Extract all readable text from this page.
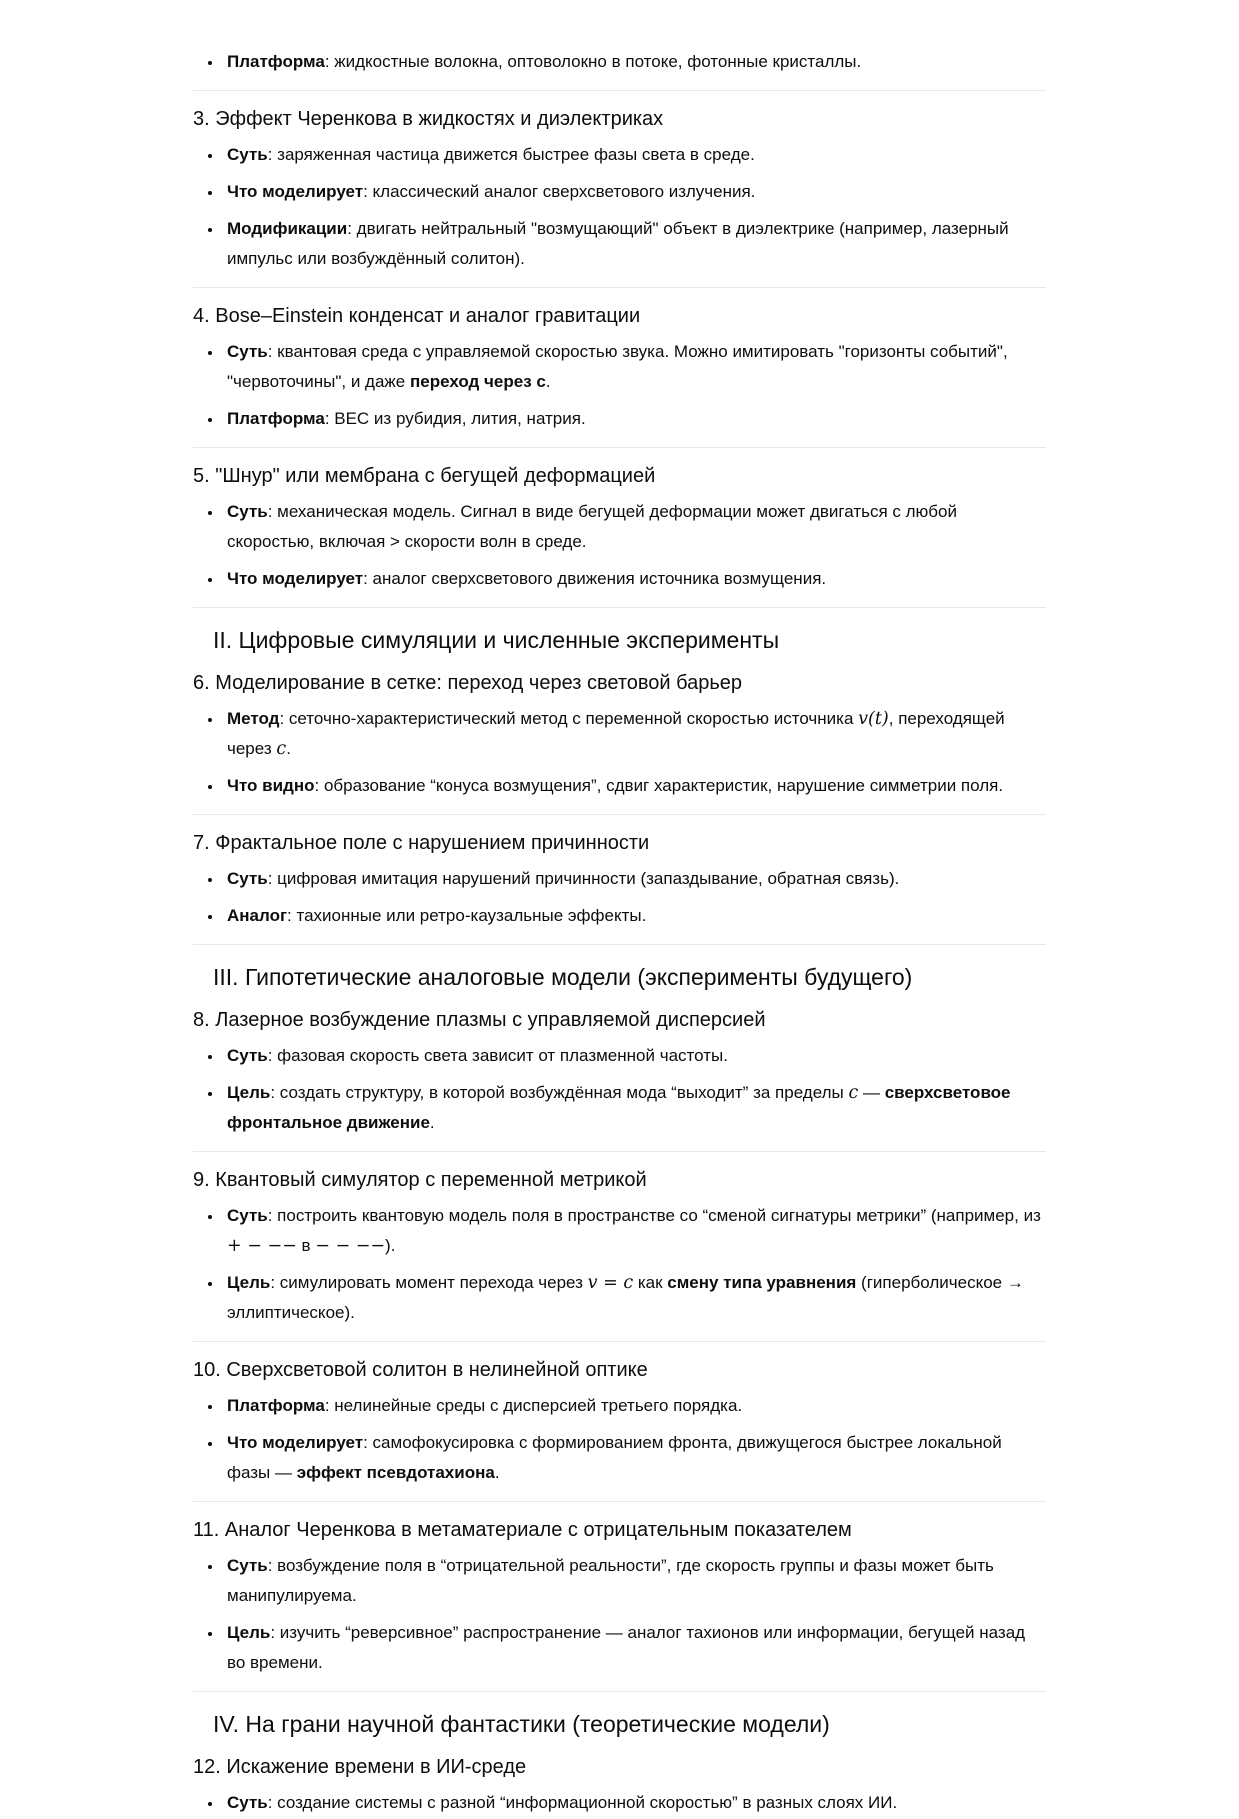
• Платформа: жидкостные волокна, оптоволокно в потоке, фотонные кристаллы.
3. Эффект Черенкова в жидкостях и диэлектриках
• Суть: заряженная частица движется быстрее фазы света в среде.
• Что моделирует: классический аналог сверхсветового излучения.
• Модификации: двигать нейтральный "возмущающий" объект в диэлектрике (например, лазерный импульс или возбуждённый солитон).
4. Bose–Einstein конденсат и аналог гравитации
• Суть: квантовая среда с управляемой скоростью звука. Можно имитировать "горизонты событий", "червоточины", и даже переход через с.
• Платформа: BEC из рубидия, лития, натрия.
5. "Шнур" или мембрана с бегущей деформацией
• Суть: механическая модель. Сигнал в виде бегущей деформации может двигаться с любой скоростью, включая > скорости волн в среде.
• Что моделирует: аналог сверхсветового движения источника возмущения.
II. Цифровые симуляции и численные эксперименты
6. Моделирование в сетке: переход через световой барьер
• Метод: сеточно-характеристический метод с переменной скоростью источника v(t), переходящей через c.
• Что видно: образование “конуса возмущения”, сдвиг характеристик, нарушение симметрии поля.
7. Фрактальное поле с нарушением причинности
• Суть: цифровая имитация нарушений причинности (запаздывание, обратная связь).
• Аналог: тахионные или ретро-каузальные эффекты.
III. Гипотетические аналоговые модели (эксперименты будущего)
8. Лазерное возбуждение плазмы с управляемой дисперсией
• Суть: фазовая скорость света зависит от плазменной частоты.
• Цель: создать структуру, в которой возбуждённая мода “выходит” за пределы c — сверхсветовое фронтальное движение.
9. Квантовый симулятор с переменной метрикой
• Суть: построить квантовую модель поля в пространстве со “сменой сигнатуры метрики” (например, из + − −− в − − −−).
• Цель: симулировать момент перехода через v = c как смену типа уравнения (гиперболическое → эллиптическое).
10. Сверхсветовой солитон в нелинейной оптике
• Платформа: нелинейные среды с дисперсией третьего порядка.
• Что моделирует: самофокусировка с формированием фронта, движущегося быстрее локальной фазы — эффект псевдотахиона.
11. Аналог Черенкова в метаматериале с отрицательным показателем
• Суть: возбуждение поля в “отрицательной реальности”, где скорость группы и фазы может быть манипулируема.
• Цель: изучить “реверсивное” распространение — аналог тахионов или информации, бегущей назад во времени.
IV. На грани научной фантастики (теоретические модели)
12. Искажение времени в ИИ-среде
• Суть: создание системы с разной “информационной скоростью” в разных слоях ИИ.
